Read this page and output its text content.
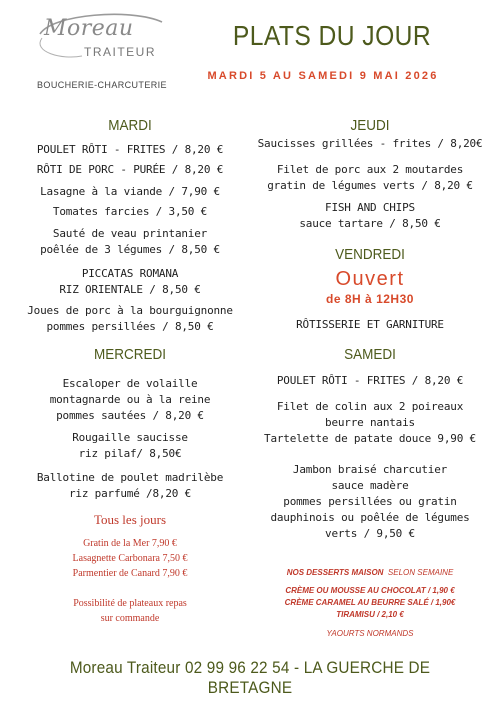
Moreau
TRAITEUR
BOUCHERIE-CHARCUTERIE
PLATS DU JOUR
MARDI 5 AU SAMEDI 9 MAI 2026
MARDI
POULET RÔTI - FRITES / 8,20 €
RÔTI DE PORC - PURÉE / 8,20 €
Lasagne à la viande / 7,90 €
Tomates farcies / 3,50 €
Sauté de veau printanier
poêlée de 3 légumes / 8,50 €
PICCATAS ROMANA
RIZ ORIENTALE / 8,50 €
Joues de porc à la bourguignonne
pommes persillées / 8,50 €
MERCREDI
Escaloper de volaille
montagnarde ou à la reine
pommes sautées / 8,20 €
Rougaille saucisse
riz pilaf/ 8,50€
Ballotine de poulet madrilèbe
riz parfumé /8,20 €
Tous les jours
Gratin de la Mer 7,90 €
Lasagnette Carbonara 7,50 €
Parmentier de Canard 7,90 €
Possibilité de plateaux repas
sur commande
JEUDI
Saucisses grillées - frites / 8,20€
Filet de porc aux 2 moutardes
gratin de légumes verts / 8,20 €
FISH AND CHIPS
sauce tartare / 8,50 €
VENDREDI
Ouvert
de 8H à 12H30
RÔTISSERIE ET GARNITURE
SAMEDI
POULET RÔTI - FRITES / 8,20 €
Filet de colin aux 2 poireaux
beurre nantais
Tartelette de patate douce 9,90 €
Jambon braisé charcutier
sauce madère
pommes persillées ou gratin
dauphinois ou poêlée de légumes
verts / 9,50 €
NOS DESSERTS MAISON SELON SEMAINE
CRÈME OU MOUSSE AU CHOCOLAT / 1,90 €
CRÈME CARAMEL AU BEURRE SALÉ / 1,90€
TIRAMISU / 2,10 €
YAOURTS NORMANDS
Moreau Traiteur 02 99 96 22 54 - LA GUERCHE DE BRETAGNE
